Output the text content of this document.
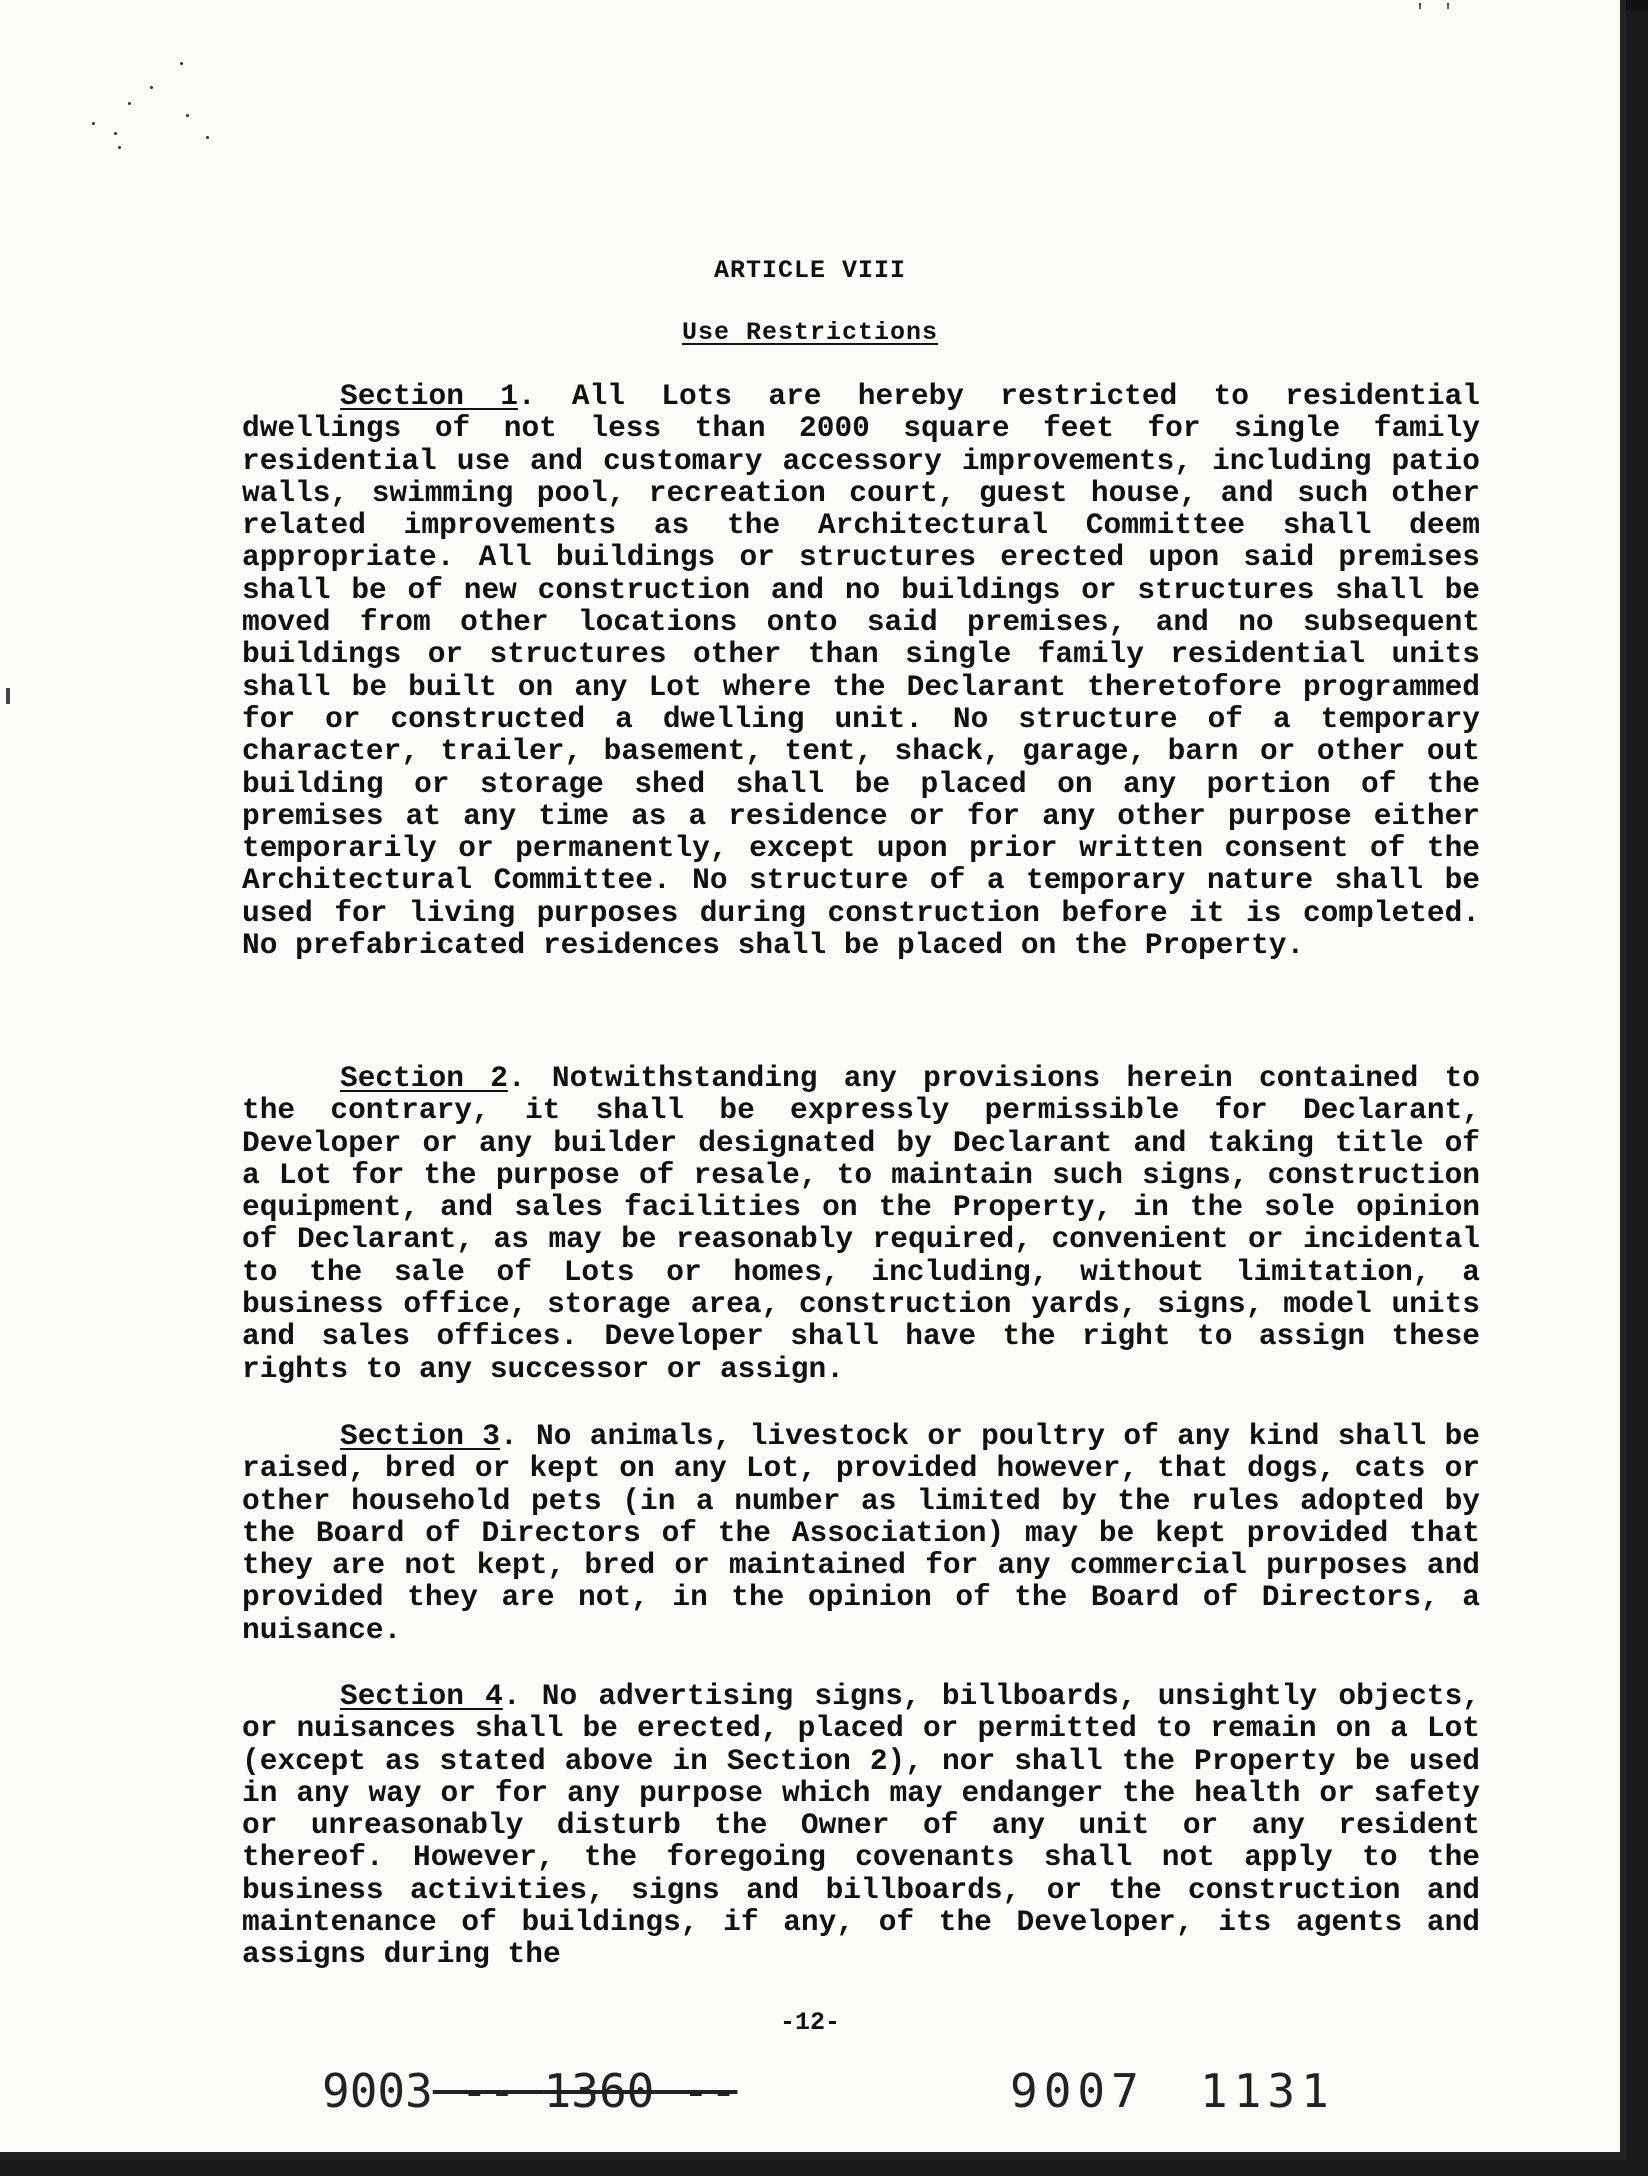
ARTICLE VIII
Use Restrictions

Section 1. All Lots are hereby restricted to residential dwellings of not less than 2000 square feet for single family residential use and customary accessory improvements, including patio walls, swimming pool, recreation court, guest house, and such other related improvements as the Architectural Committee shall deem appropriate. All buildings or structures erected upon said premises shall be of new construction and no buildings or structures shall be moved from other locations onto said premises, and no subsequent buildings or structures other than single family residential units shall be built on any Lot where the Declarant theretofore programmed for or constructed a dwelling unit. No structure of a temporary character, trailer, basement, tent, shack, garage, barn or other out building or storage shed shall be placed on any portion of the premises at any time as a residence or for any other purpose either temporarily or permanently, except upon prior written consent of the Architectural Committee. No structure of a temporary nature shall be used for living purposes during construction before it is completed. No prefabricated residences shall be placed on the Property.

Section 2. Notwithstanding any provisions herein contained to the contrary, it shall be expressly permissible for Declarant, Developer or any builder designated by Declarant and taking title of a Lot for the purpose of resale, to maintain such signs, construction equipment, and sales facilities on the Property, in the sole opinion of Declarant, as may be reasonably required, convenient or incidental to the sale of Lots or homes, including, without limitation, a business office, storage area, construction yards, signs, model units and sales offices. Developer shall have the right to assign these rights to any successor or assign.

Section 3. No animals, livestock or poultry of any kind shall be raised, bred or kept on any Lot, provided however, that dogs, cats or other household pets (in a number as limited by the rules adopted by the Board of Directors of the Association) may be kept provided that they are not kept, bred or maintained for any commercial purposes and provided they are not, in the opinion of the Board of Directors, a nuisance.

Section 4. No advertising signs, billboards, unsightly objects, or nuisances shall be erected, placed or permitted to remain on a Lot (except as stated above in Section 2), nor shall the Property be used in any way or for any purpose which may endanger the health or safety or unreasonably disturb the Owner of any unit or any resident thereof. However, the foregoing covenants shall not apply to the business activities, signs and billboards, or the construction and maintenance of buildings, if any, of the Developer, its agents and assigns during the

-12-
9003 -- 1360 --	9007 1131
' '
